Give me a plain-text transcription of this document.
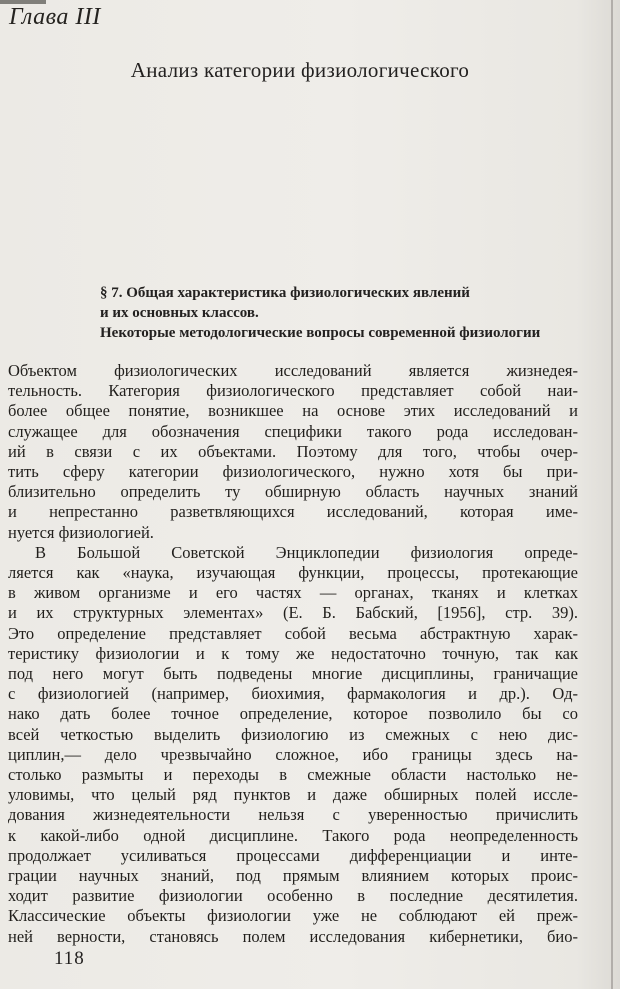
Глава III
Анализ категории физиологического
§ 7. Общая характеристика физиологических явлений
и их основных классов.
Некоторые методологические вопросы современной физиологии
Объектом физиологических исследований является жизнедея-
тельность. Категория физиологического представляет собой наи-
более общее понятие, возникшее на основе этих исследований и
служащее для обозначения специфики такого рода исследован-
ий в связи с их объектами. Поэтому для того, чтобы очер-
тить сферу категории физиологического, нужно хотя бы при-
близительно определить ту обширную область научных знаний
и непрестанно разветвляющихся исследований, которая име-
нуется физиологией.
В Большой Советской Энциклопедии физиология опреде-
ляется как «наука, изучающая функции, процессы, протекающие
в живом организме и его частях — органах, тканях и клетках
и их структурных элементах» (Е. Б. Бабский, [1956], стр. 39).
Это определение представляет собой весьма абстрактную харак-
теристику физиологии и к тому же недостаточно точную, так как
под него могут быть подведены многие дисциплины, граничащие
с физиологией (например, биохимия, фармакология и др.). Од-
нако дать более точное определение, которое позволило бы со
всей четкостью выделить физиологию из смежных с нею дис-
циплин,— дело чрезвычайно сложное, ибо границы здесь на-
столько размыты и переходы в смежные области настолько не-
уловимы, что целый ряд пунктов и даже обширных полей иссле-
дования жизнедеятельности нельзя с уверенностью причислить
к какой-либо одной дисциплине. Такого рода неопределенность
продолжает усиливаться процессами дифференциации и инте-
грации научных знаний, под прямым влиянием которых проис-
ходит развитие физиологии особенно в последние десятилетия.
Классические объекты физиологии уже не соблюдают ей преж-
ней верности, становясь полем исследования кибернетики, био-
118
